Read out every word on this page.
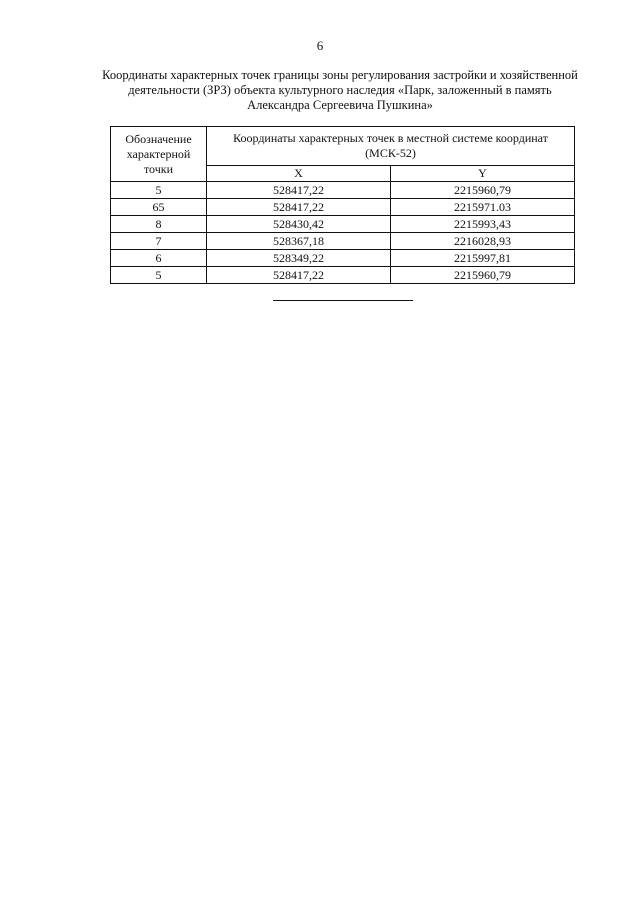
6
Координаты характерных точек границы зоны регулирования застройки и хозяйственной
деятельности (ЗРЗ) объекта культурного наследия «Парк, заложенный в память
Александра Сергеевича Пушкина»
Обозначение характерной точки	Координаты характерных точек в местной системе координат (МСК-52)	
	X	Y
5	528417,22	2215960,79
65	528417,22	2215971.03
8	528430,42	2215993,43
7	528367,18	2216028,93
6	528349,22	2215997,81
5	528417,22	2215960,79
